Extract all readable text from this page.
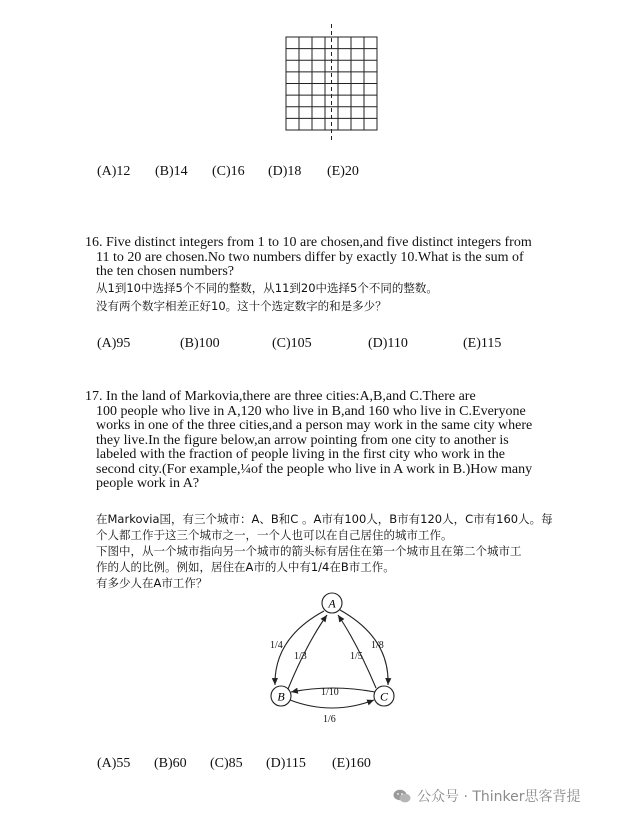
(A)12 (B)14 (C)16 (D)18 (E)20
16. Five distinct integers from 1 to 10 are chosen,and five distinct integers from
11 to 20 are chosen.No two numbers differ by exactly 10.What is the sum of
the ten chosen numbers?
从1到10中选择5个不同的整数，从11到20中选择5个不同的整数。
没有两个数字相差正好10。这十个选定数字的和是多少？
(A)95	(B)100	(C)105	(D)110	(E)115
17. In the land of Markovia,there are three cities:A,B,and C.There are
100 people who live in A,120 who live in B,and 160 who live in C.Everyone
works in one of the three cities,and a person may work in the same city where
they live.In the figure below,an arrow pointing from one city to another is
labeled with the fraction of people living in the first city who work in the
second city.(For example,¼of the people who live in A work in B.)How many
people work in A?
在Markovia国，有三个城市：A、B和C 。A市有100人，B市有120人，C市有160人。每
个人都工作于这三个城市之一，一个人也可以在自己居住的城市工作。
下图中，从一个城市指向另一个城市的箭头标有居住在第一个城市且在第二个城市工
作的人的比例。例如，居住在A市的人中有1/4在B市工作。
有多少人在A市工作？
A
B	C
1/4
1/3	1/5
1/8
1/10
1/6
(A)55 (B)60 (C)85 (D)115 (E)160
公众号 · Thinker思客背提
